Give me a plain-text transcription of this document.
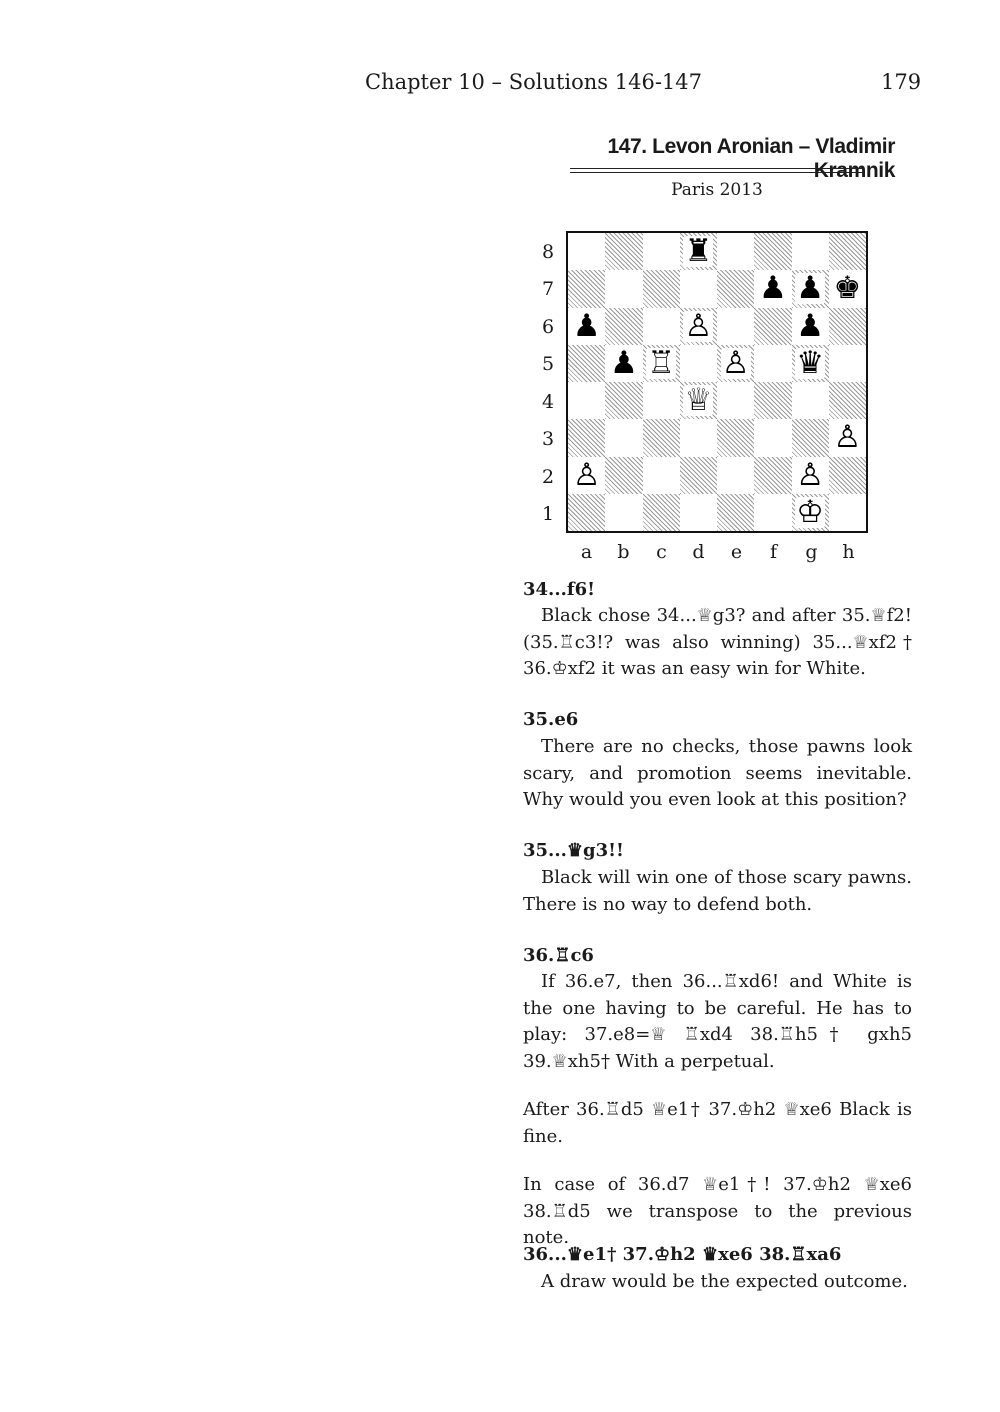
Chapter 10 – Solutions 146-147	179
147. Levon Aronian – Vladimir Kramnik
Paris 2013
8
7
6
5
4
3
2
1
♜
♟ ♟ ♚
♟	♙	♟
♟ ♖ ♙ ♛
♕
♙
♙	♙
♔
a	b	c	d	e	f	g	h
34...f6!

Black chose 34...♕g3? and after 35.♕f2! (35.♖c3!? was also winning) 35...♕xf2† 36.♔xf2 it was an easy win for White.

35.e6

There are no checks, those pawns look scary, and promotion seems inevitable. Why would you even look at this position?

35...♛g3!!

Black will win one of those scary pawns. There is no way to defend both.

36.♖c6

If 36.e7, then 36...♖xd6! and White is the one having to be careful. He has to play: 37.e8=♕ ♖xd4 38.♖h5† gxh5 39.♕xh5† With a perpetual.

After 36.♖d5 ♕e1† 37.♔h2 ♕xe6 Black is fine.

In case of 36.d7 ♕e1†! 37.♔h2 ♕xe6 38.♖d5 we transpose to the previous note.

36...♛e1† 37.♔h2 ♛xe6 38.♖xa6

A draw would be the expected outcome.
